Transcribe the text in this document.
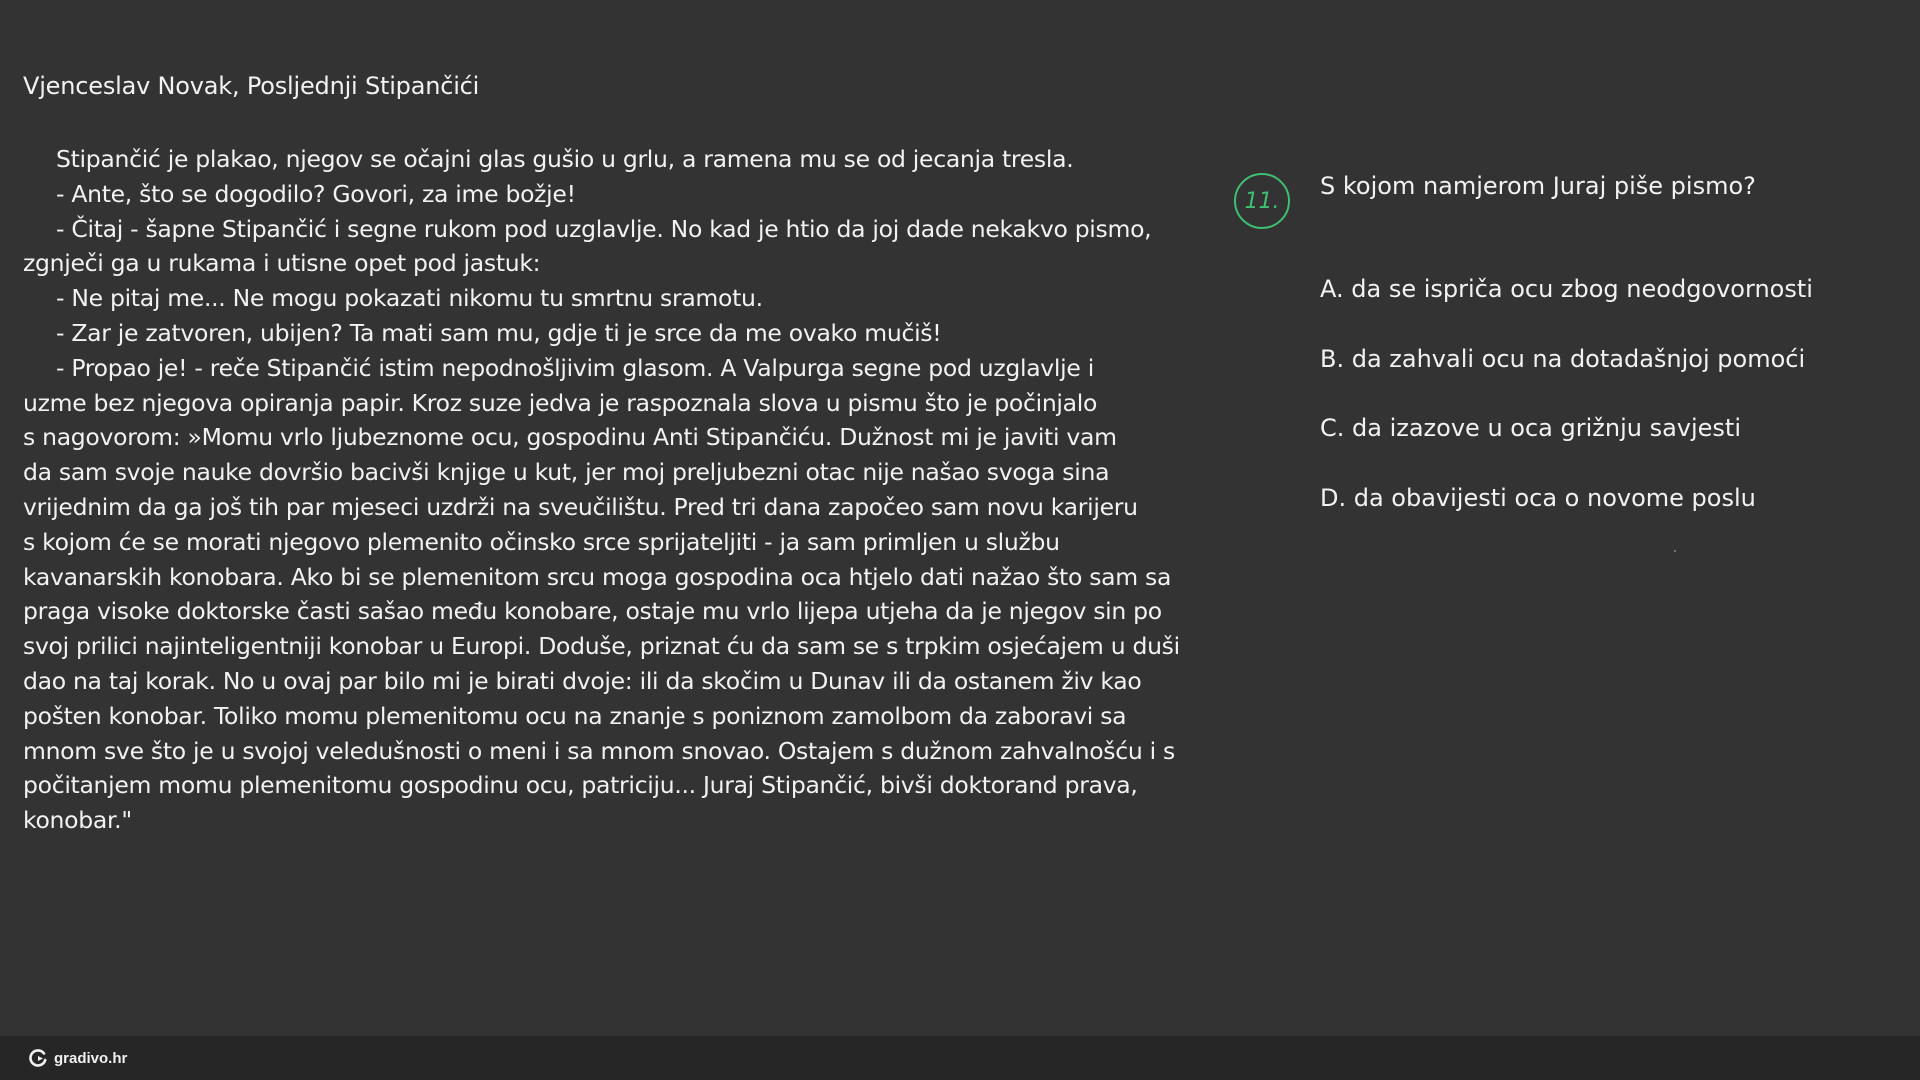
Vjenceslav Novak, Posljednji Stipančići
Stipančić je plakao, njegov se očajni glas gušio u grlu, a ramena mu se od jecanja tresla.
- Ante, što se dogodilo? Govori, za ime božje!
- Čitaj - šapne Stipančić i segne rukom pod uzglavlje. No kad je htio da joj dade nekakvo pismo,
zgnječi ga u rukama i utisne opet pod jastuk:
- Ne pitaj me... Ne mogu pokazati nikomu tu smrtnu sramotu.
- Zar je zatvoren, ubijen? Ta mati sam mu, gdje ti je srce da me ovako mučiš!
- Propao je! - reče Stipančić istim nepodnošljivim glasom. A Valpurga segne pod uzglavlje i
uzme bez njegova opiranja papir. Kroz suze jedva je raspoznala slova u pismu što je počinjalo
s nagovorom: »Momu vrlo ljubeznome ocu, gospodinu Anti Stipančiću. Dužnost mi je javiti vam
da sam svoje nauke dovršio bacivši knjige u kut, jer moj preljubezni otac nije našao svoga sina
vrijednim da ga još tih par mjeseci uzdrži na sveučilištu. Pred tri dana započeo sam novu karijeru
s kojom će se morati njegovo plemenito očinsko srce sprijateljiti - ja sam primljen u službu
kavanarskih konobara. Ako bi se plemenitom srcu moga gospodina oca htjelo dati nažao što sam sa
praga visoke doktorske časti sašao među konobare, ostaje mu vrlo lijepa utjeha da je njegov sin po
svoj prilici najinteligentniji konobar u Europi. Doduše, priznat ću da sam se s trpkim osjećajem u duši
dao na taj korak. No u ovaj par bilo mi je birati dvoje: ili da skočim u Dunav ili da ostanem živ kao
pošten konobar. Toliko momu plemenitomu ocu na znanje s poniznom zamolbom da zaboravi sa
mnom sve što je u svojoj veledušnosti o meni i sa mnom snovao. Ostajem s dužnom zahvalnošću i s
počitanjem momu plemenitomu gospodinu ocu, patriciju... Juraj Stipančić, bivši doktorand prava,
konobar."
11.
S kojom namjerom Juraj piše pismo?
A. da se ispriča ocu zbog neodgovornosti
B. da zahvali ocu na dotadašnjoj pomoći
C. da izazove u oca grižnju savjesti
D. da obavijesti oca o novome poslu
gradivo.hr
